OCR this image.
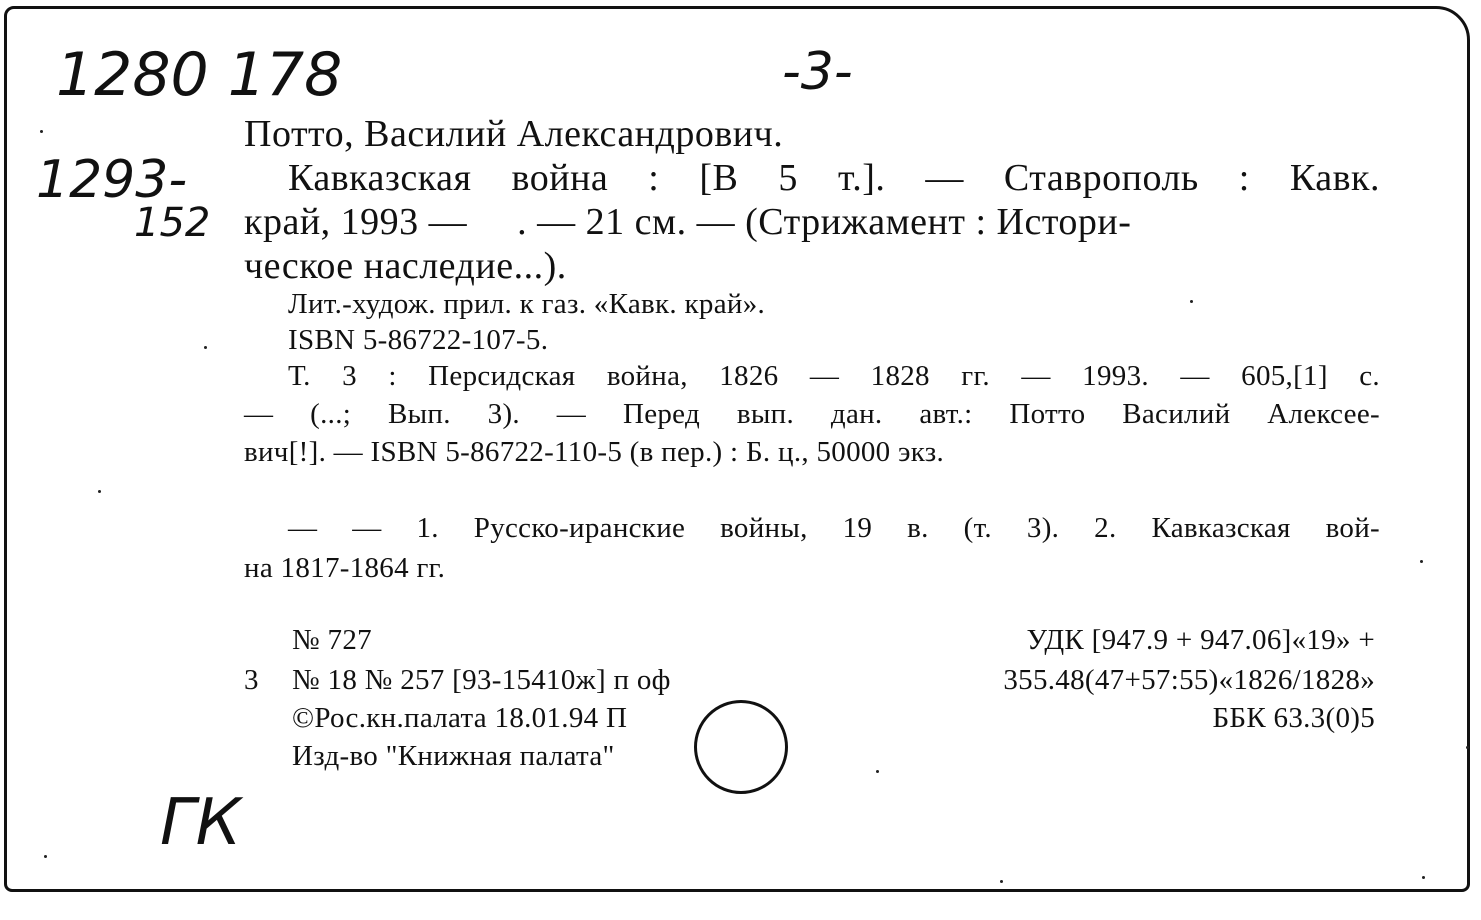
1280 178	-3-
1293-
152
ГК
Потто, Василий Александрович.
Кавказская война : [В 5 т.]. — Ставрополь : Кавк.
край, 1993 —     . — 21 см. — (Стрижамент : Истори-
ческое наследие...).
Лит.-худож. прил. к газ. «Кавк. край».
ISBN 5-86722-107-5.
Т. 3 : Персидская война, 1826 — 1828 гг. — 1993. — 605,[1] с.
— (...; Вып. 3). — Перед вып. дан. авт.: Потто Василий Алексее-
вич[!]. — ISBN 5-86722-110-5 (в пер.) : Б. ц., 50000 экз.
— — 1. Русско-иранские войны, 19 в. (т. 3). 2. Кавказская вой-
на 1817-1864 гг.
№ 727
3 № 18 № 257 [93-15410ж] п оф
©Рос.кн.палата 18.01.94 П
Изд-во "Книжная палата"
УДК [947.9 + 947.06]«19» +
355.48(47+57:55)«1826/1828»
ББК 63.3(0)5
